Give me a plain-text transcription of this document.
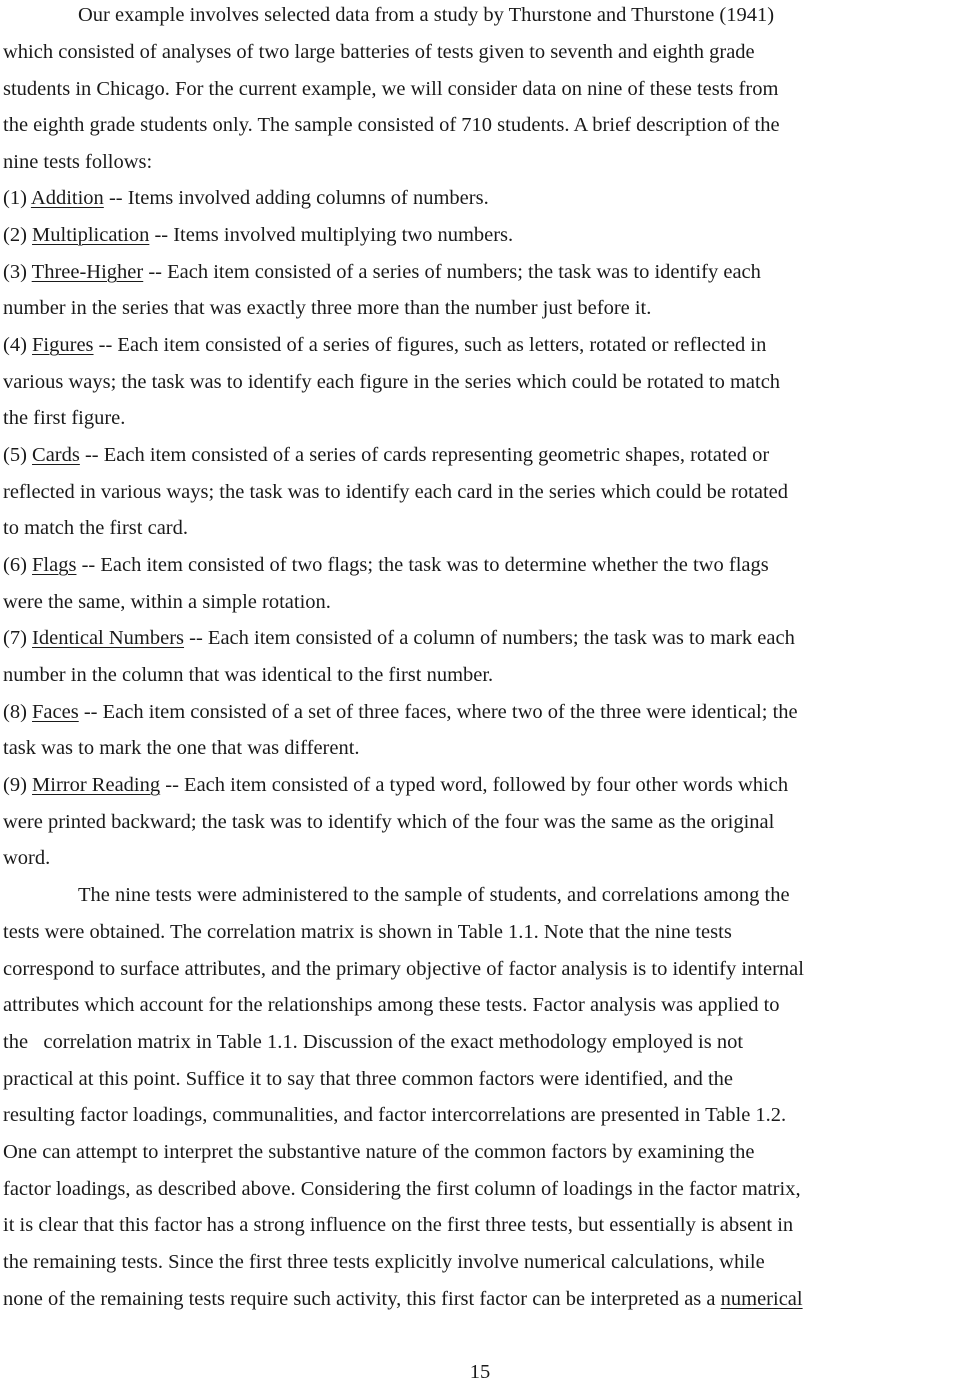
Our example involves selected data from a study by Thurstone and Thurstone (1941)
which consisted of analyses of two large batteries of tests given to seventh and eighth grade
students in Chicago. For the current example, we will consider data on nine of these tests from
the eighth grade students only. The sample consisted of 710 students. A brief description of the
nine tests follows:
(1) Addition -- Items involved adding columns of numbers.
(2) Multiplication -- Items involved multiplying two numbers.
(3) Three-Higher -- Each item consisted of a series of numbers; the task was to identify each
number in the series that was exactly three more than the number just before it.
(4) Figures -- Each item consisted of a series of figures, such as letters, rotated or reflected in
various ways; the task was to identify each figure in the series which could be rotated to match
the first figure.
(5) Cards -- Each item consisted of a series of cards representing geometric shapes, rotated or
reflected in various ways; the task was to identify each card in the series which could be rotated
to match the first card.
(6) Flags -- Each item consisted of two flags; the task was to determine whether the two flags
were the same, within a simple rotation.
(7) Identical Numbers -- Each item consisted of a column of numbers; the task was to mark each
number in the column that was identical to the first number.
(8) Faces -- Each item consisted of a set of three faces, where two of the three were identical; the
task was to mark the one that was different.
(9) Mirror Reading -- Each item consisted of a typed word, followed by four other words which
were printed backward; the task was to identify which of the four was the same as the original
word.
The nine tests were administered to the sample of students, and correlations among the
tests were obtained. The correlation matrix is shown in Table 1.1. Note that the nine tests
correspond to surface attributes, and the primary objective of factor analysis is to identify internal
attributes which account for the relationships among these tests. Factor analysis was applied to
the   correlation matrix in Table 1.1. Discussion of the exact methodology employed is not
practical at this point. Suffice it to say that three common factors were identified, and the
resulting factor loadings, communalities, and factor intercorrelations are presented in Table 1.2.
One can attempt to interpret the substantive nature of the common factors by examining the
factor loadings, as described above. Considering the first column of loadings in the factor matrix,
it is clear that this factor has a strong influence on the first three tests, but essentially is absent in
the remaining tests. Since the first three tests explicitly involve numerical calculations, while
none of the remaining tests require such activity, this first factor can be interpreted as a numerical
15
